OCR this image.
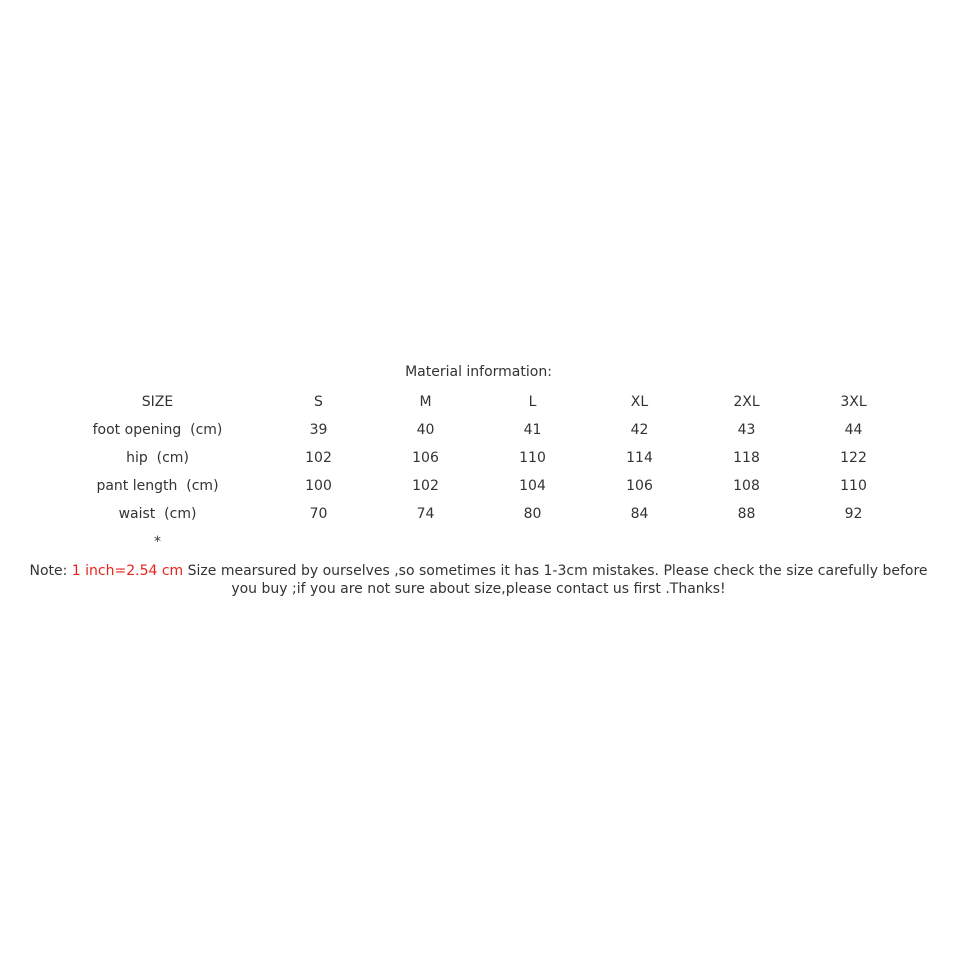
Material information:
SIZE	S	M	L	XL	2XL	3XL
foot opening  (cm)	39	40	41	42	43	44
hip  (cm)	102	106	110	114	118	122
pant length  (cm)	100	102	104	106	108	110
waist  (cm)	70	74	80	84	88	92
*						
Note: 1 inch=2.54 cm Size mearsured by ourselves ,so sometimes it has 1-3cm mistakes. Please check the size carefully before you buy ;if you are not sure about size,please contact us first .Thanks!
